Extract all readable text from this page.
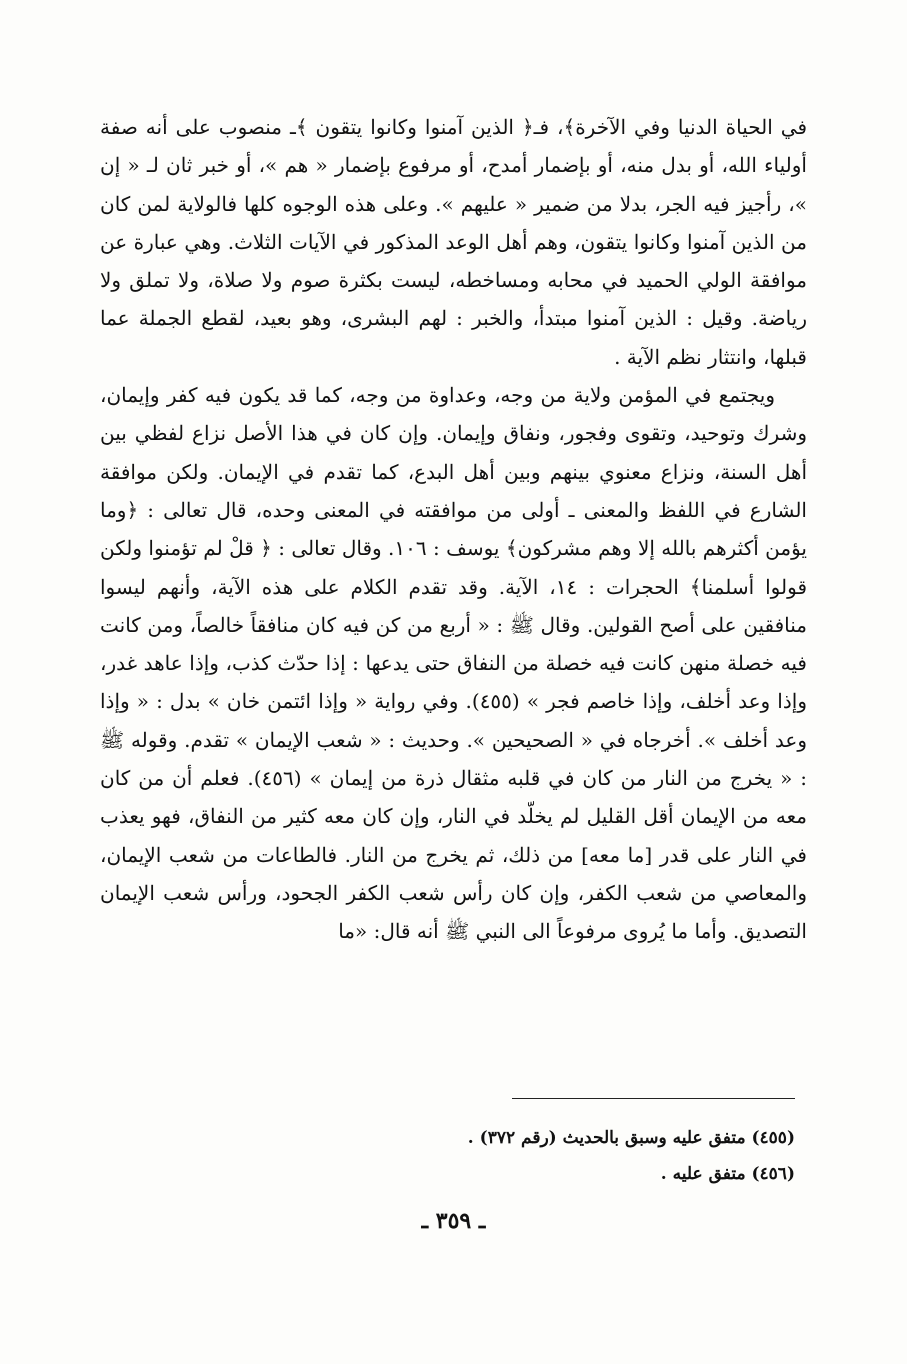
في الحياة الدنيا وفي الآخرة﴾، فـ﴿ الذين آمنوا وكانوا يتقون ﴾ـ منصوب على أنه صفة أولياء الله، أو بدل منه، أو بإضمار أمدح، أو مرفوع بإضمار « هم »، أو خبر ثان لـ « إن »، رأجيز فيه الجر، بدلا من ضمير « عليهم ». وعلى هذه الوجوه كلها فالولاية لمن كان من الذين آمنوا وكانوا يتقون، وهم أهل الوعد المذكور في الآيات الثلاث. وهي عبارة عن موافقة الولي الحميد في محابه ومساخطه، ليست بكثرة صوم ولا صلاة، ولا تملق ولا رياضة. وقيل : الذين آمنوا مبتدأ، والخبر : لهم البشرى، وهو بعيد، لقطع الجملة عما قبلها، وانتثار نظم الآية .

ويجتمع في المؤمن ولاية من وجه، وعداوة من وجه، كما قد يكون فيه كفر وإيمان، وشرك وتوحيد، وتقوى وفجور، ونفاق وإيمان. وإن كان في هذا الأصل نزاع لفظي بين أهل السنة، ونزاع معنوي بينهم وبين أهل البدع، كما تقدم في الإيمان. ولكن موافقة الشارع في اللفظ والمعنى ـ أولى من موافقته في المعنى وحده، قال تعالى : ﴿وما يؤمن أكثرهم بالله إلا وهم مشركون﴾ يوسف : ١٠٦. وقال تعالى : ﴿ قلْ لم تؤمنوا ولكن قولوا أسلمنا﴾ الحجرات : ١٤، الآية. وقد تقدم الكلام على هذه الآية، وأنهم ليسوا منافقين على أصح القولين. وقال ﷺ : « أربع من كن فيه كان منافقاً خالصاً، ومن كانت فيه خصلة منهن كانت فيه خصلة من النفاق حتى يدعها : إذا حدّث كذب، وإذا عاهد غدر، وإذا وعد أخلف، وإذا خاصم فجر » (٤٥٥). وفي رواية « وإذا ائتمن خان » بدل : « وإذا وعد أخلف ». أخرجاه في « الصحيحين ». وحديث : « شعب الإيمان » تقدم. وقوله ﷺ : « يخرج من النار من كان في قلبه مثقال ذرة من إيمان » (٤٥٦). فعلم أن من كان معه من الإيمان أقل القليل لم يخلّد في النار، وإن كان معه كثير من النفاق، فهو يعذب في النار على قدر [ما معه] من ذلك، ثم يخرج من النار. فالطاعات من شعب الإيمان، والمعاصي من شعب الكفر، وإن كان رأس شعب الكفر الجحود، ورأس شعب الإيمان التصديق. وأما ما يُروى مرفوعاً الى النبي ﷺ أنه قال: «ما

(٤٥٥) متفق عليه وسبق بالحديث (رقم ٣٧٢) .
(٤٥٦) متفق عليه .
ـ ٣٥٩ ـ
